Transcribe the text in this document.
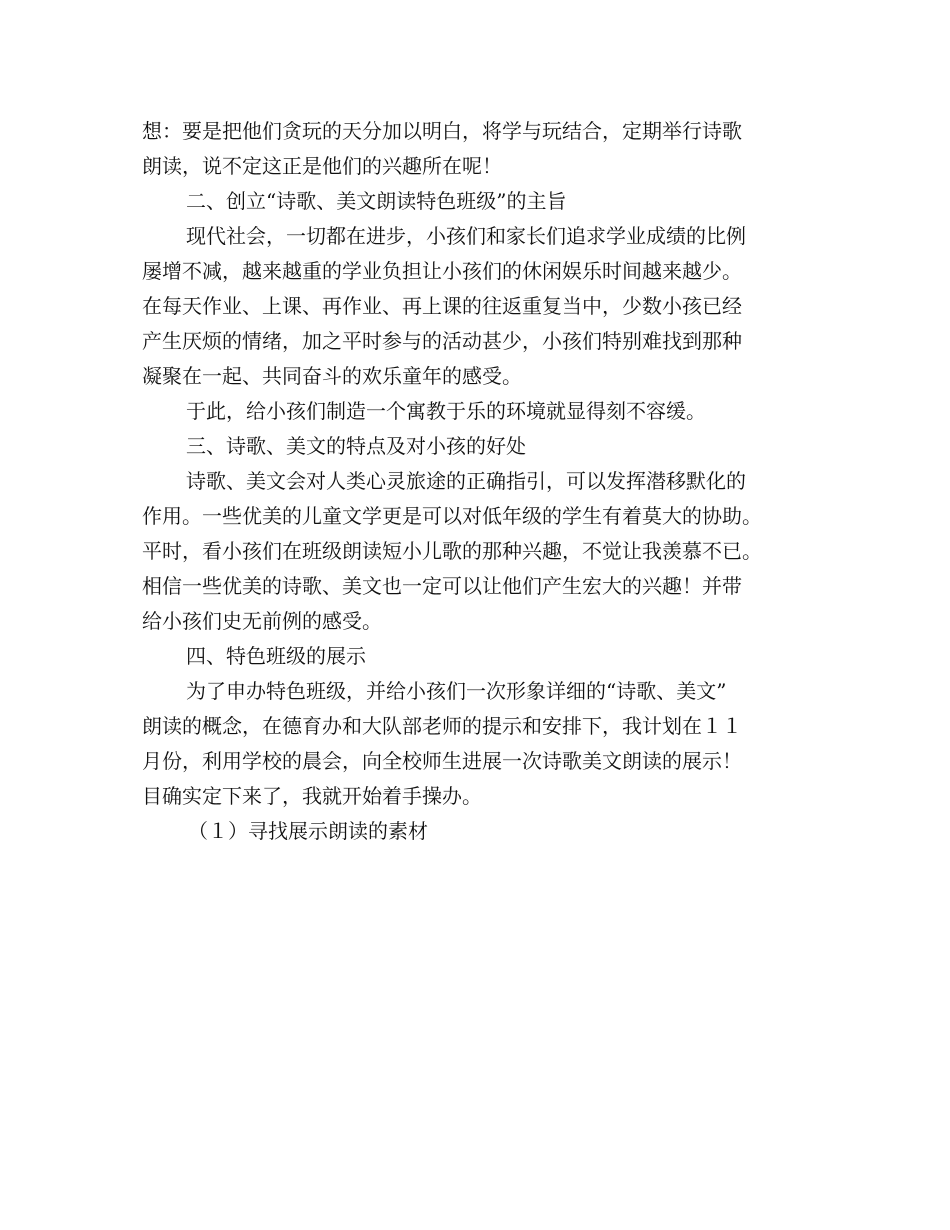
想：要是把他们贪玩的天分加以明白，将学与玩结合，定期举行诗歌
朗读，说不定这正是他们的兴趣所在呢！
二、创立“诗歌、美文朗读特色班级”的主旨
现代社会，一切都在进步，小孩们和家长们追求学业成绩的比例
屡增不减，越来越重的学业负担让小孩们的休闲娱乐时间越来越少。
在每天作业、上课、再作业、再上课的往返重复当中，少数小孩已经
产生厌烦的情绪，加之平时参与的活动甚少，小孩们特别难找到那种
凝聚在一起、共同奋斗的欢乐童年的感受。
于此，给小孩们制造一个寓教于乐的环境就显得刻不容缓。
三、诗歌、美文的特点及对小孩的好处
诗歌、美文会对人类心灵旅途的正确指引，可以发挥潜移默化的
作用。一些优美的儿童文学更是可以对低年级的学生有着莫大的协助。
平时，看小孩们在班级朗读短小儿歌的那种兴趣，不觉让我羡慕不已。
相信一些优美的诗歌、美文也一定可以让他们产生宏大的兴趣！并带
给小孩们史无前例的感受。
四、特色班级的展示
为了申办特色班级，并给小孩们一次形象详细的“诗歌、美文”
朗读的概念，在德育办和大队部老师的提示和安排下，我计划在１１
月份，利用学校的晨会，向全校师生进展一次诗歌美文朗读的展示！
目确实定下来了，我就开始着手操办。
（１）寻找展示朗读的素材
